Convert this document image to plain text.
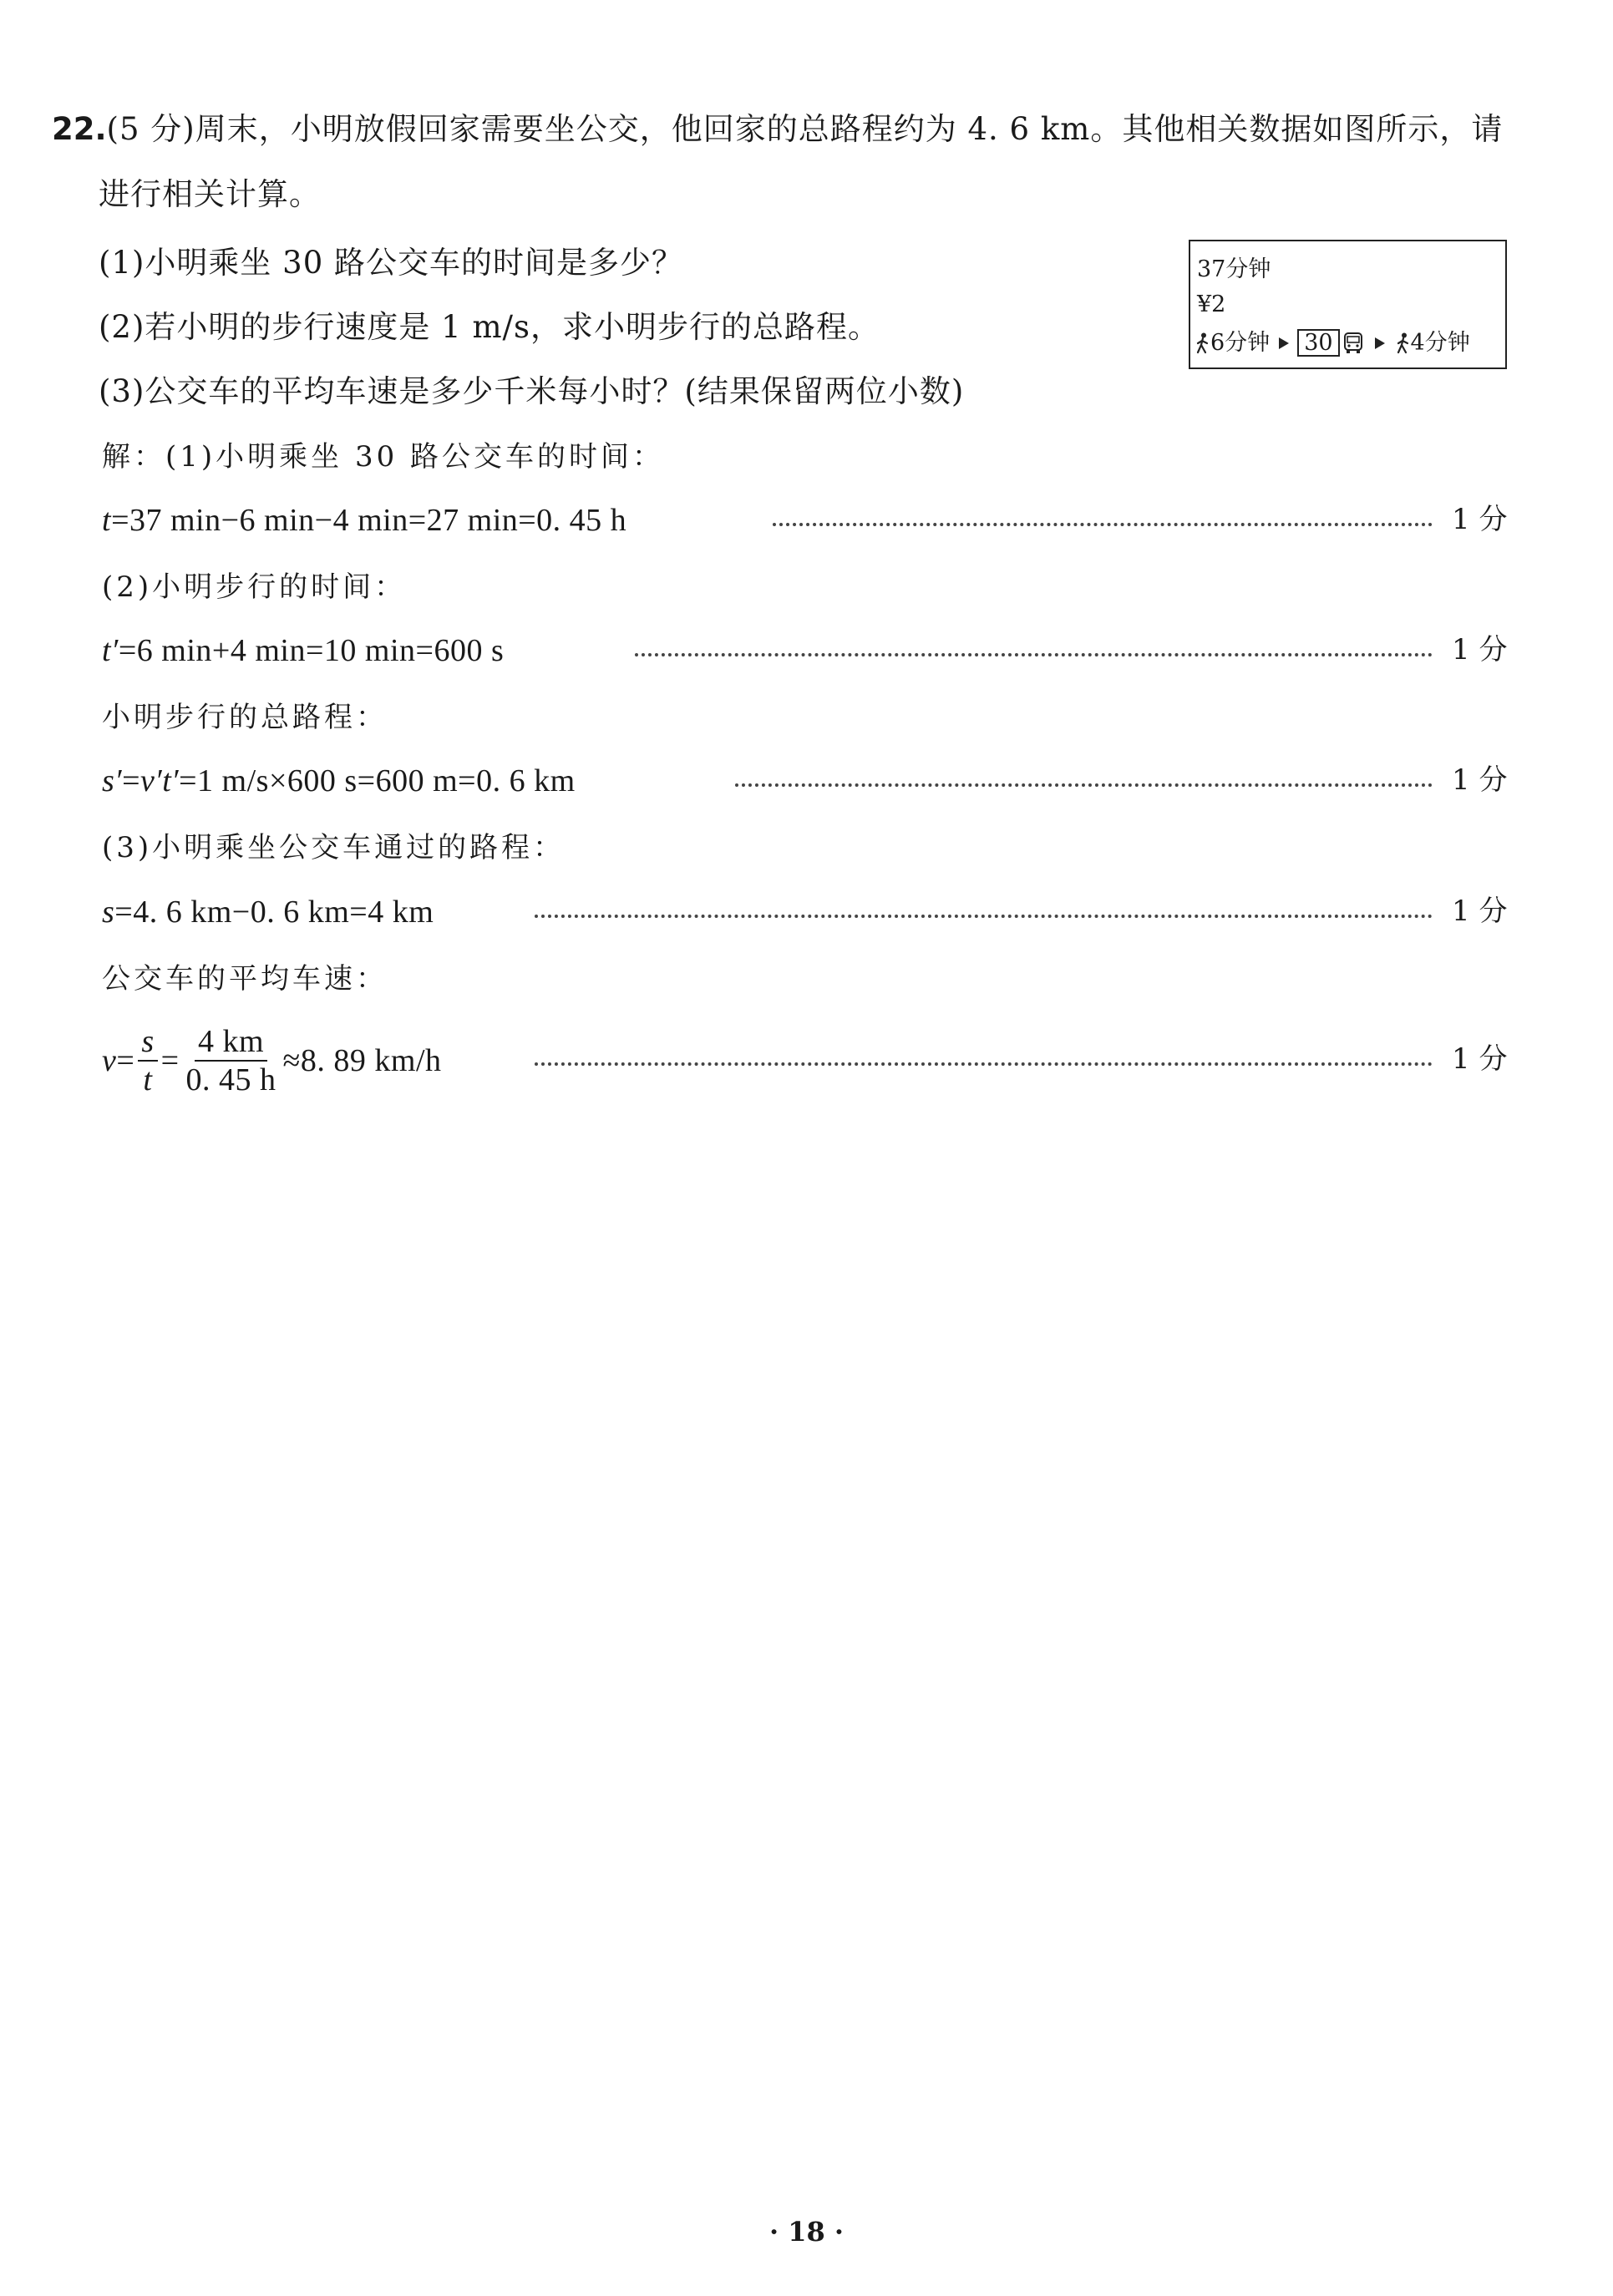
22.(5 分)周末，小明放假回家需要坐公交，他回家的总路程约为 4. 6 km。其他相关数据如图所示，请
进行相关计算。
(1)小明乘坐 30 路公交车的时间是多少？
(2)若小明的步行速度是 1 m/s，求小明步行的总路程。
(3)公交车的平均车速是多少千米每小时？(结果保留两位小数)
37分钟
¥2
6分钟 30	4分钟
解：(1)小明乘坐 30 路公交车的时间：
t=37 min−6 min−4 min=27 min=0. 45 h	1 分
(2)小明步行的时间：
t′=6 min+4 min=10 min=600 s	1 分
小明步行的总路程：
s′=v′t′=1 m/s×600 s=600 m=0. 6 km	1 分
(3)小明乘坐公交车通过的路程：
s=4. 6 km−0. 6 km=4 km	1 分
公交车的平均车速：
$v = \frac{s}{t} = \frac{4 km}{0. 45 h} \approx 8$. 89 km/h	1 分
· 18 ·
